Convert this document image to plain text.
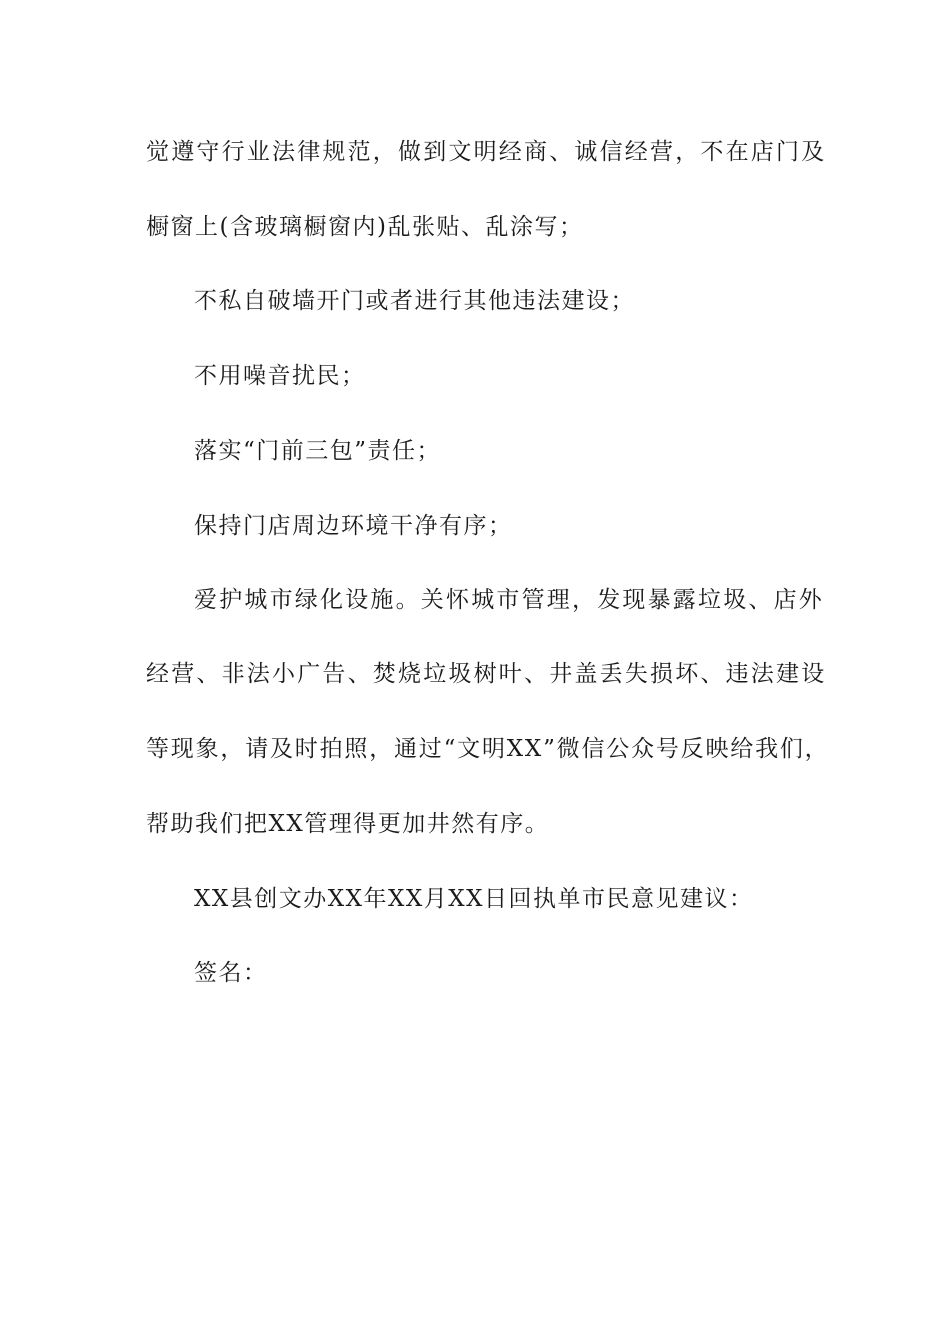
觉遵守行业法律规范，做到文明经商、诚信经营，不在店门及
橱窗上(含玻璃橱窗内)乱张贴、乱涂写；
不私自破墙开门或者进行其他违法建设；
不用噪音扰民；
落实“门前三包”责任；
保持门店周边环境干净有序；
爱护城市绿化设施。关怀城市管理，发现暴露垃圾、店外
经营、非法小广告、焚烧垃圾树叶、井盖丢失损坏、违法建设
等现象，请及时拍照，通过“文明XX”微信公众号反映给我们，
帮助我们把XX管理得更加井然有序。
XX县创文办XX年XX月XX日回执单市民意见建议：
签名：
